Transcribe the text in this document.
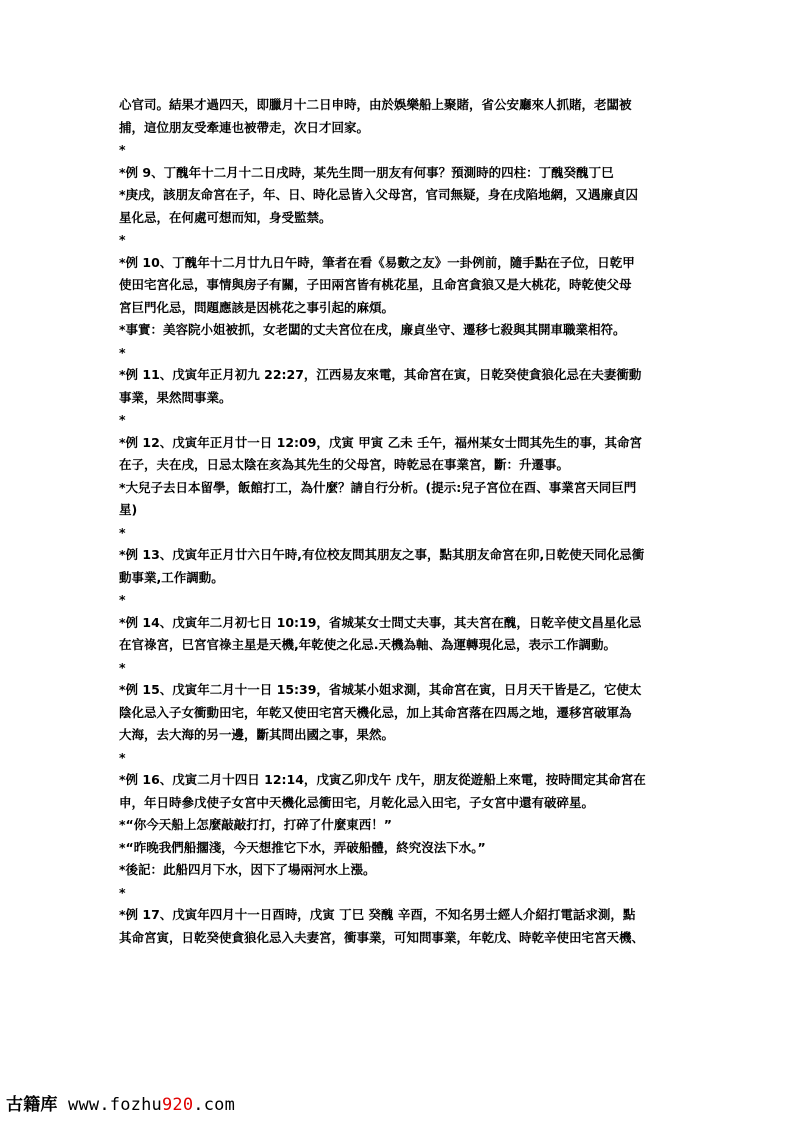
心官司。結果才過四天，即臘月十二日申時，由於娛樂船上聚賭，省公安廳來人抓賭，老闆被
捕，這位朋友受牽連也被帶走，次日才回家。
*
*例 9、丁醜年十二月十二日戌時，某先生問一朋友有何事？預測時的四柱：丁醜癸醜丁巳
*庚戌，該朋友命宮在子，年、日、時化忌皆入父母宮，官司無疑，身在戌陷地網，又遇廉貞囚
星化忌，在何處可想而知，身受監禁。
*
*例 10、丁醜年十二月廿九日午時，筆者在看《易數之友》一卦例前，隨手點在子位，日乾甲
使田宅宮化忌，事情與房子有關，子田兩宮皆有桃花星，且命宮貪狼又是大桃花，時乾使父母
宮巨門化忌，問題應該是因桃花之事引起的麻煩。
*事實：美容院小姐被抓，女老闆的丈夫宮位在戌，廉貞坐守、遷移七殺與其開車職業相符。
*
*例 11、戊寅年正月初九 22:27，江西易友來電，其命宮在寅，日乾癸使貪狼化忌在夫妻衝動
事業，果然問事業。
*
*例 12、戊寅年正月廿一日 12:09，戊寅 甲寅 乙未 壬午，福州某女士問其先生的事，其命宮
在子，夫在戌，日忌太陰在亥為其先生的父母宮，時乾忌在事業宮，斷：升遷事。
*大兒子去日本留學，飯館打工，為什麼？請自行分析。(提示:兒子宮位在酉、事業宮天同巨門
星)
*
*例 13、戊寅年正月廿六日午時,有位校友問其朋友之事，點其朋友命宮在卯,日乾使天同化忌衝
動事業,工作調動。
*
*例 14、戊寅年二月初七日 10:19，省城某女士問丈夫事，其夫宮在醜，日乾辛使文昌星化忌
在官祿宮，巳宮官祿主星是天機,年乾使之化忌.天機為軸、為運轉現化忌，表示工作調動。
*
*例 15、戊寅年二月十一日 15:39，省城某小姐求測，其命宮在寅，日月天干皆是乙，它使太
陰化忌入子女衝動田宅，年乾又使田宅宮天機化忌，加上其命宮落在四馬之地，遷移宮破軍為
大海，去大海的另一邊，斷其問出國之事，果然。
*
*例 16、戊寅二月十四日 12:14，戊寅乙卯戊午 戊午，朋友從遊船上來電，按時間定其命宮在
申，年日時參戊使子女宮中天機化忌衝田宅，月乾化忌入田宅，子女宮中還有破碎星。
*“你今天船上怎麼敲敲打打，打碎了什麼東西！”
*“昨晚我們船擱淺，今天想推它下水，弄破船體，終究沒法下水。”
*後記：此船四月下水，因下了場兩河水上漲。
*
*例 17、戊寅年四月十一日酉時，戊寅 丁巳 癸醜 辛酉，不知名男士經人介紹打電話求測，點
其命宮寅，日乾癸使貪狼化忌入夫妻宮，衝事業，可知問事業，年乾戊、時乾辛使田宅宮天機、
古籍库 www.fozhu920.com
